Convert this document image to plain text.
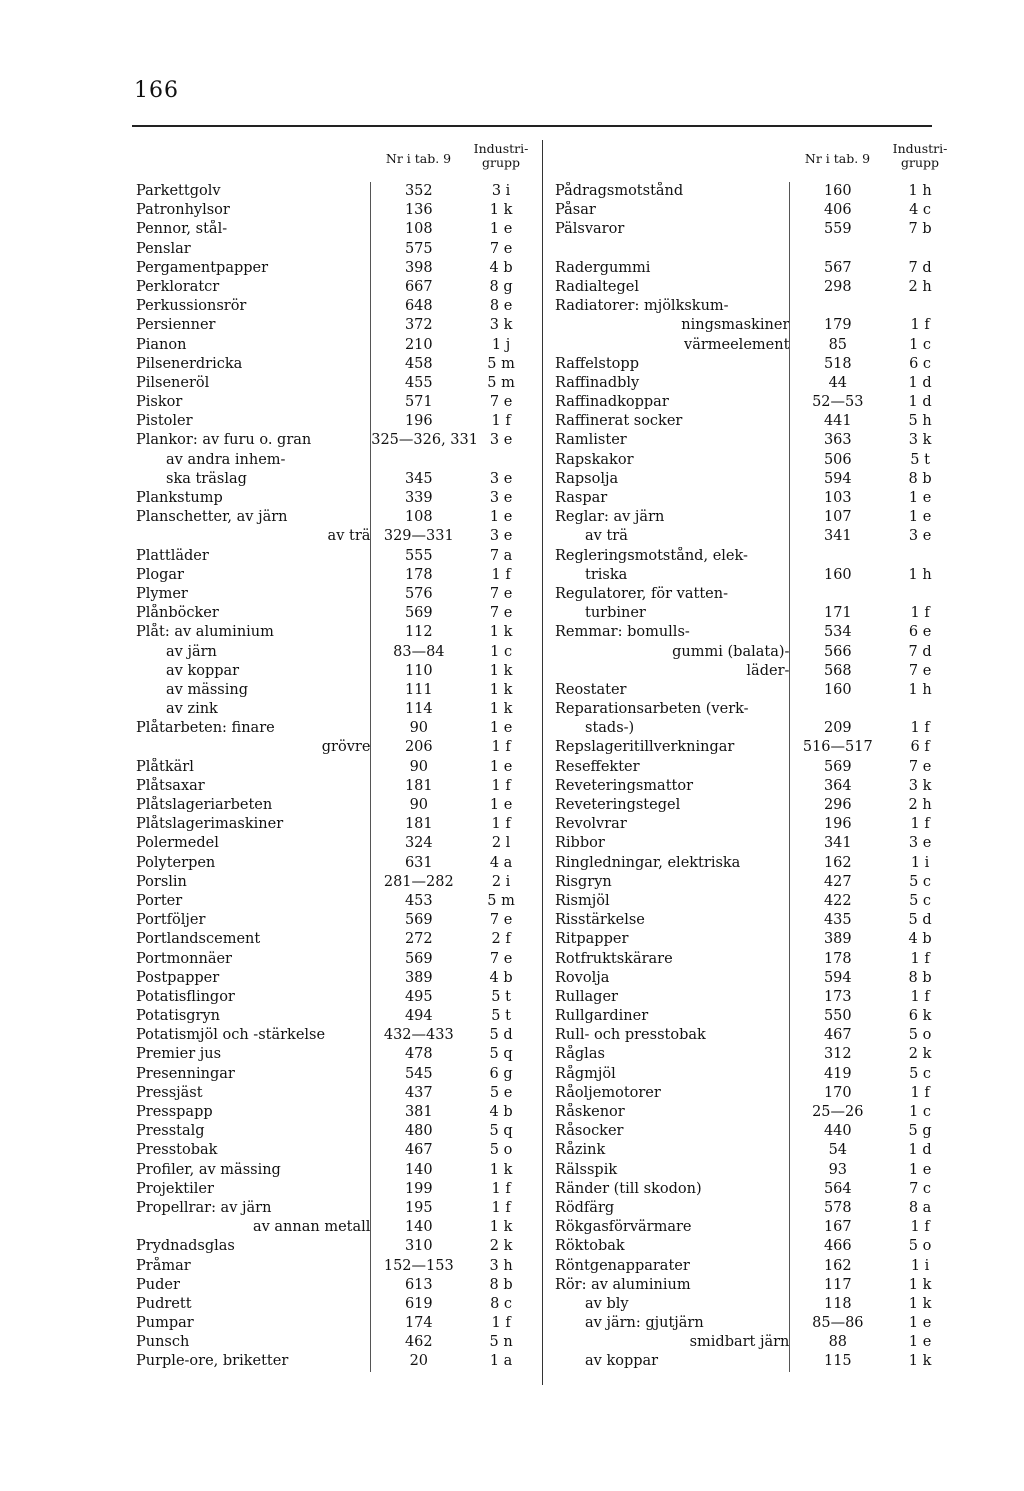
166
Nr i tab. 9
Industri-grupp
Parkettgolv	352	3 i
Patronhylsor	136	1 k
Pennor, stål-	108	1 e
Penslar	575	7 e
Pergamentpapper	398	4 b
Perkloratcr	667	8 g
Perkussionsrör	648	8 e
Persienner	372	3 k
Pianon	210	1 j
Pilsenerdricka	458	5 m
Pilseneröl	455	5 m
Piskor	571	7 e
Pistoler	196	1 f
Plankor: av furu o. gran	325—326, 331 3 e
av andra inhem-
ska träslag	345	3 e
Plankstump	339	3 e
Planschetter, av järn	108	1 e
av trä 329—331	3 e
Plattläder	555	7 a
Plogar	178	1 f
Plymer	576	7 e
Plånböcker	569	7 e
Plåt: av aluminium	112	1 k
av järn	83—84	1 c
av koppar	110	1 k
av mässing	111	1 k
av zink	114	1 k
Plåtarbeten: finare	90	1 e
grövre	206	1 f
Plåtkärl	90	1 e
Plåtsaxar	181	1 f
Plåtslageriarbeten	90	1 e
Plåtslagerimaskiner	181	1 f
Polermedel	324	2 l
Polyterpen	631	4 a
Porslin	281—282	2 i
Porter	453	5 m
Portföljer	569	7 e
Portlandscement	272	2 f
Portmonnäer	569	7 e
Postpapper	389	4 b
Potatisflingor	495	5 t
Potatisgryn	494	5 t
Potatismjöl och -stärkelse	432—433	5 d
Premier jus	478	5 q
Presenningar	545	6 g
Pressjäst	437	5 e
Presspapp	381	4 b
Presstalg	480	5 q
Presstobak	467	5 o
Profiler, av mässing	140	1 k
Projektiler	199	1 f
Propellrar: av järn	195	1 f
av annan metall	140	1 k
Prydnadsglas	310	2 k
Pråmar	152—153	3 h
Puder	613	8 b
Pudrett	619	8 c
Pumpar	174	1 f
Punsch	462	5 n
Purple-ore, briketter	20	1 a
Nr i tab. 9
Industri-grupp
Pådragsmotstånd	160	1 h
Påsar	406	4 c
Pälsvaror	559	7 b
Radergummi	567	7 d
Radialtegel	298	2 h
Radiatorer: mjölkskum-
ningsmaskiner	179	1 f
värmeelement	85	1 c
Raffelstopp	518	6 c
Raffinadbly	44	1 d
Raffinadkoppar	52—53	1 d
Raffinerat socker	441	5 h
Ramlister	363	3 k
Rapskakor	506	5 t
Rapsolja	594	8 b
Raspar	103	1 e
Reglar: av järn	107	1 e
av trä	341	3 e
Regleringsmotstånd, elek-
triska	160	1 h
Regulatorer, för vatten-
turbiner	171	1 f
Remmar: bomulls-	534	6 e
gummi (balata)-	566	7 d
läder-	568	7 e
Reostater	160	1 h
Reparationsarbeten (verk-
stads-)	209	1 f
Repslageritillverkningar	516—517	6 f
Reseffekter	569	7 e
Reveteringsmattor	364	3 k
Reveteringstegel	296	2 h
Revolvrar	196	1 f
Ribbor	341	3 e
Ringledningar, elektriska	162	1 i
Risgryn	427	5 c
Rismjöl	422	5 c
Risstärkelse	435	5 d
Ritpapper	389	4 b
Rotfruktskärare	178	1 f
Rovolja	594	8 b
Rullager	173	1 f
Rullgardiner	550	6 k
Rull- och presstobak	467	5 o
Råglas	312	2 k
Rågmjöl	419	5 c
Råoljemotorer	170	1 f
Råskenor	25—26	1 c
Råsocker	440	5 g
Råzink	54	1 d
Rälsspik	93	1 e
Ränder (till skodon)	564	7 c
Rödfärg	578	8 a
Rökgasförvärmare	167	1 f
Röktobak	466	5 o
Röntgenapparater	162	1 i
Rör: av aluminium	117	1 k
av bly	118	1 k
av järn: gjutjärn	85—86	1 e
smidbart järn	88	1 e
av koppar	115	1 k
